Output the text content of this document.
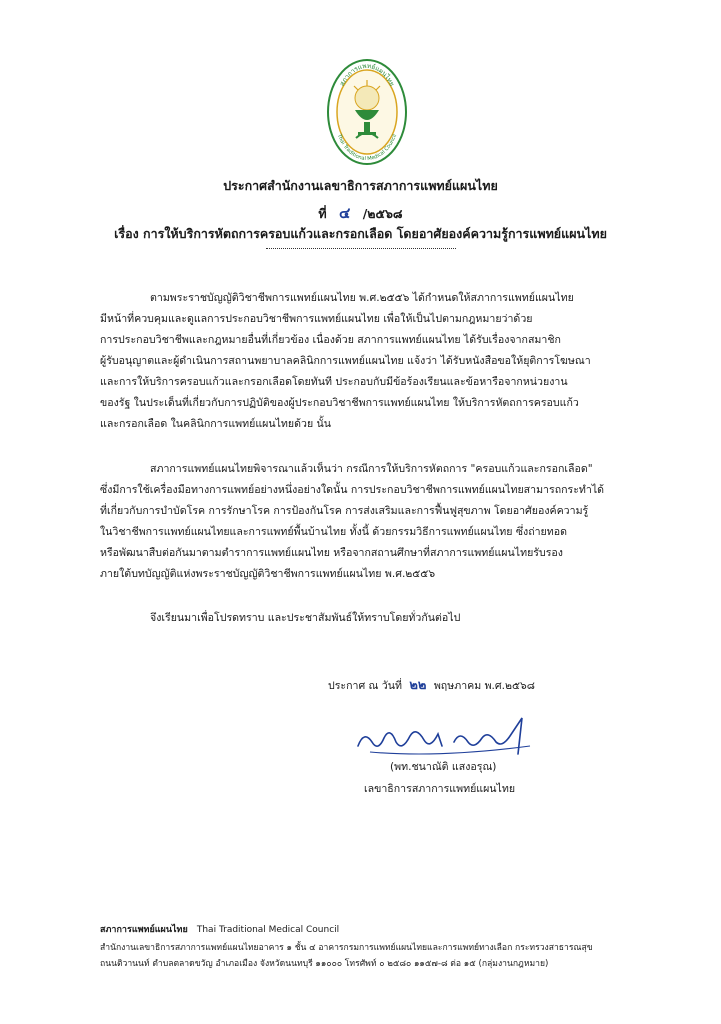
สภาการแพทย์แผนไทย
Thai Traditional Medical Council
ประกาศสำนักงานเลขาธิการสภาการแพทย์แผนไทย
ที่ ๔ /๒๕๖๘
เรื่อง การให้บริการหัตถการครอบแก้วและกรอกเลือด โดยอาศัยองค์ความรู้การแพทย์แผนไทย
ตามพระราชบัญญัติวิชาชีพการแพทย์แผนไทย พ.ศ.๒๕๕๖ ได้กำหนดให้สภาการแพทย์แผนไทย
มีหน้าที่ควบคุมและดูแลการประกอบวิชาชีพการแพทย์แผนไทย เพื่อให้เป็นไปตามกฎหมายว่าด้วย
การประกอบวิชาชีพและกฎหมายอื่นที่เกี่ยวข้อง เนื่องด้วย สภาการแพทย์แผนไทย ได้รับเรื่องจากสมาชิก
ผู้รับอนุญาตและผู้ดำเนินการสถานพยาบาลคลินิกการแพทย์แผนไทย แจ้งว่า ได้รับหนังสือขอให้ยุติการโฆษณา
และการให้บริการครอบแก้วและกรอกเลือดโดยทันที ประกอบกับมีข้อร้องเรียนและข้อหารือจากหน่วยงาน
ของรัฐ ในประเด็นที่เกี่ยวกับการปฏิบัติของผู้ประกอบวิชาชีพการแพทย์แผนไทย ให้บริการหัตถการครอบแก้ว
และกรอกเลือด ในคลินิกการแพทย์แผนไทยด้วย นั้น
สภาการแพทย์แผนไทยพิจารณาแล้วเห็นว่า กรณีการให้บริการหัตถการ "ครอบแก้วและกรอกเลือด"
ซึ่งมีการใช้เครื่องมือทางการแพทย์อย่างหนึ่งอย่างใดนั้น การประกอบวิชาชีพการแพทย์แผนไทยสามารถกระทำได้
ที่เกี่ยวกับการบำบัดโรค การรักษาโรค การป้องกันโรค การส่งเสริมและการฟื้นฟูสุขภาพ โดยอาศัยองค์ความรู้
ในวิชาชีพการแพทย์แผนไทยและการแพทย์พื้นบ้านไทย ทั้งนี้ ด้วยกรรมวิธีการแพทย์แผนไทย ซึ่งถ่ายทอด
หรือพัฒนาสืบต่อกันมาตามตำราการแพทย์แผนไทย หรือจากสถานศึกษาที่สภาการแพทย์แผนไทยรับรอง
ภายใต้บทบัญญัติแห่งพระราชบัญญัติวิชาชีพการแพทย์แผนไทย พ.ศ.๒๕๕๖
จึงเรียนมาเพื่อโปรดทราบ และประชาสัมพันธ์ให้ทราบโดยทั่วกันต่อไป
ประกาศ ณ วันที่ ๒๒ พฤษภาคม พ.ศ.๒๕๖๘
(พท.ชนาณัติ แสงอรุณ)
เลขาธิการสภาการแพทย์แผนไทย
สภาการแพทย์แผนไทย Thai Traditional Medical Council
สำนักงานเลขาธิการสภาการแพทย์แผนไทยอาคาร ๑ ชั้น ๔ อาคารกรมการแพทย์แผนไทยและการแพทย์ทางเลือก กระทรวงสาธารณสุข
ถนนติวานนท์ ตำบลตลาดขวัญ อำเภอเมือง จังหวัดนนทบุรี ๑๑๐๐๐ โทรศัพท์ ๐ ๒๕๘๐ ๑๑๕๗-๘ ต่อ ๑๕ (กลุ่มงานกฎหมาย)
